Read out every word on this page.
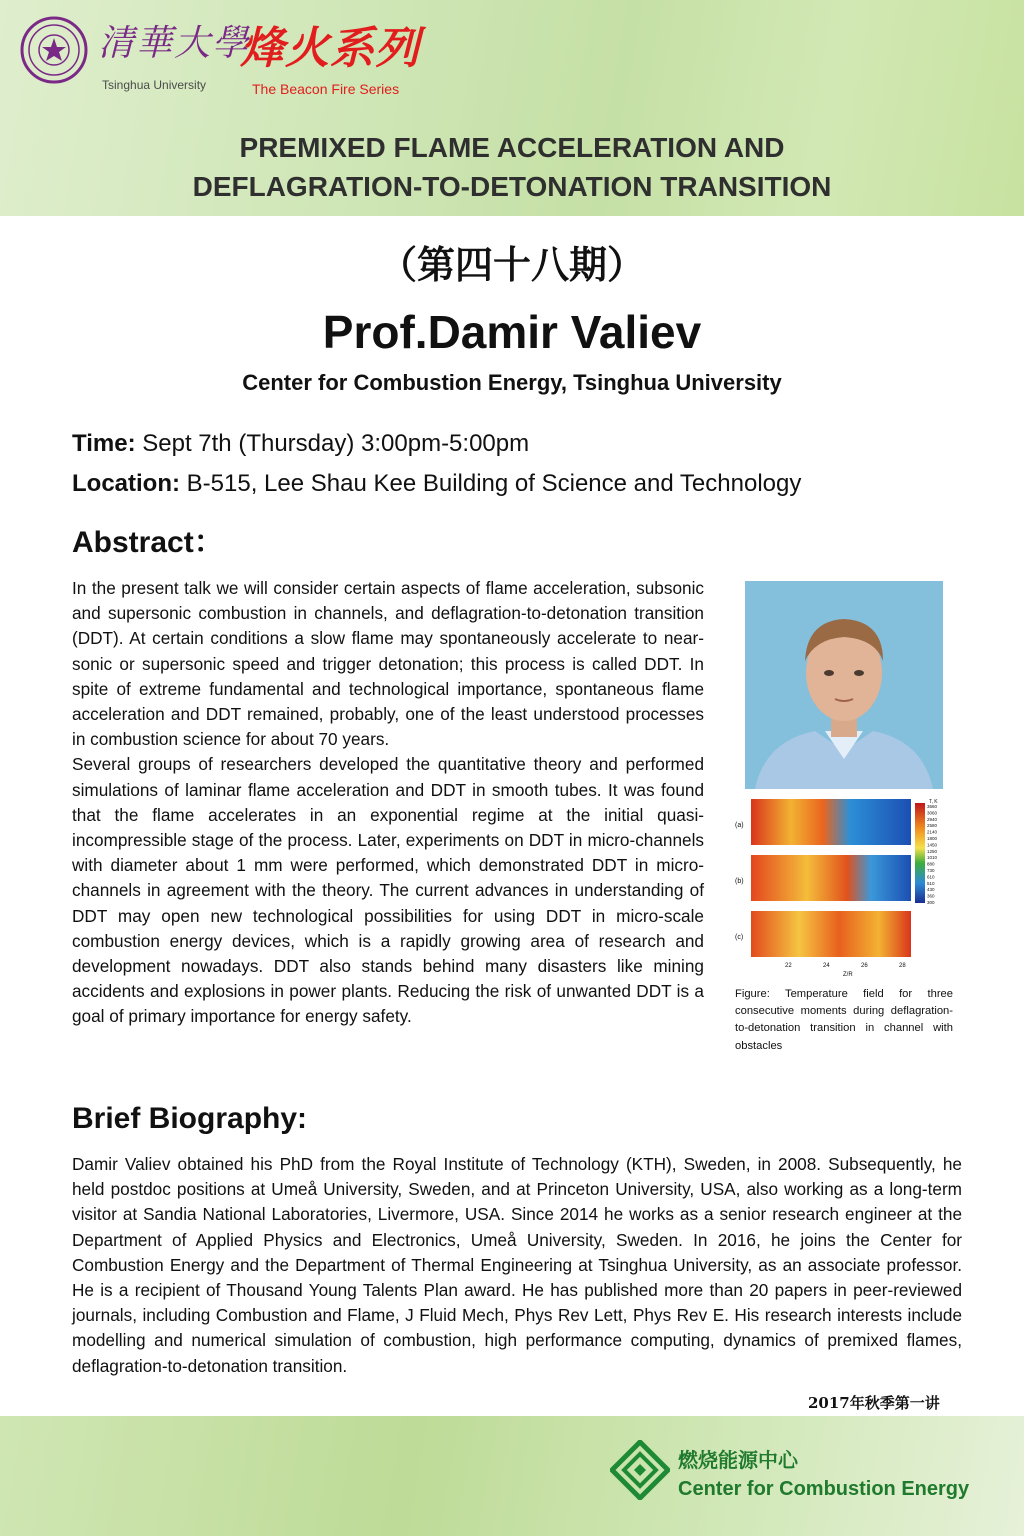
清華大學
Tsinghua University
烽火系列
The Beacon Fire Series
PREMIXED FLAME ACCELERATION AND
DEFLAGRATION-TO-DETONATION TRANSITION
（第四十八期）
Prof.Damir Valiev
Center for Combustion Energy, Tsinghua University
Time: Sept 7th (Thursday) 3:00pm-5:00pm
Location: B-515, Lee Shau Kee Building of Science and Technology
Abstract：

In the present talk we will consider certain aspects of flame acceleration, subsonic and supersonic combustion in channels, and deflagration-to-detonation transition (DDT). At certain conditions a slow flame may spontaneously accelerate to near-sonic or supersonic speed and trigger detonation; this process is called DDT. In spite of extreme fundamental and technological importance, spontaneous flame acceleration and DDT remained, probably, one of the least understood processes in combustion science for about 70 years.

Several groups of researchers developed the quantitative theory and performed simulations of laminar flame acceleration and DDT in smooth tubes. It was found that the flame accelerates in an exponential regime at the initial quasi-incompressible stage of the process. Later, experiments on DDT in micro-channels with diameter about 1 mm were performed, which demonstrated DDT in micro-channels in agreement with the theory. The current advances in understanding of DDT may open new technological possibilities for using DDT in micro-scale combustion energy devices, which is a rapidly growing area of research and development nowadays. DDT also stands behind many disasters like mining accidents and explosions in power plants. Reducing the risk of unwanted DDT is a goal of primary importance for energy safety.

(a)
(b)
(c)
T, K
3660
3060
2940
2580
2140
1800
1450
1250
1010
880
730
610
510
430
360
300
22	24	26	28
Z/R
Figure: Temperature field for three consecutive moments during deflagration-to-detonation transition in channel with obstacles
Brief Biography:
Damir Valiev obtained his PhD from the Royal Institute of Technology (KTH), Sweden, in 2008. Subsequently, he held postdoc positions at Umeå University, Sweden, and at Princeton University, USA, also working as a long-term visitor at Sandia National Laboratories, Livermore, USA. Since 2014 he works as a senior research engineer at the Department of Applied Physics and Electronics, Umeå University, Sweden. In 2016, he joins the Center for Combustion Energy and the Department of Thermal Engineering at Tsinghua University, as an associate professor. He is a recipient of Thousand Young Talents Plan award. He has published more than 20 papers in peer-reviewed journals, including Combustion and Flame, J Fluid Mech, Phys Rev Lett, Phys Rev E. His research interests include modelling and numerical simulation of combustion, high performance computing, dynamics of premixed flames, deflagration-to-detonation transition.
2017年秋季第一讲
燃烧能源中心
Center for Combustion Energy
